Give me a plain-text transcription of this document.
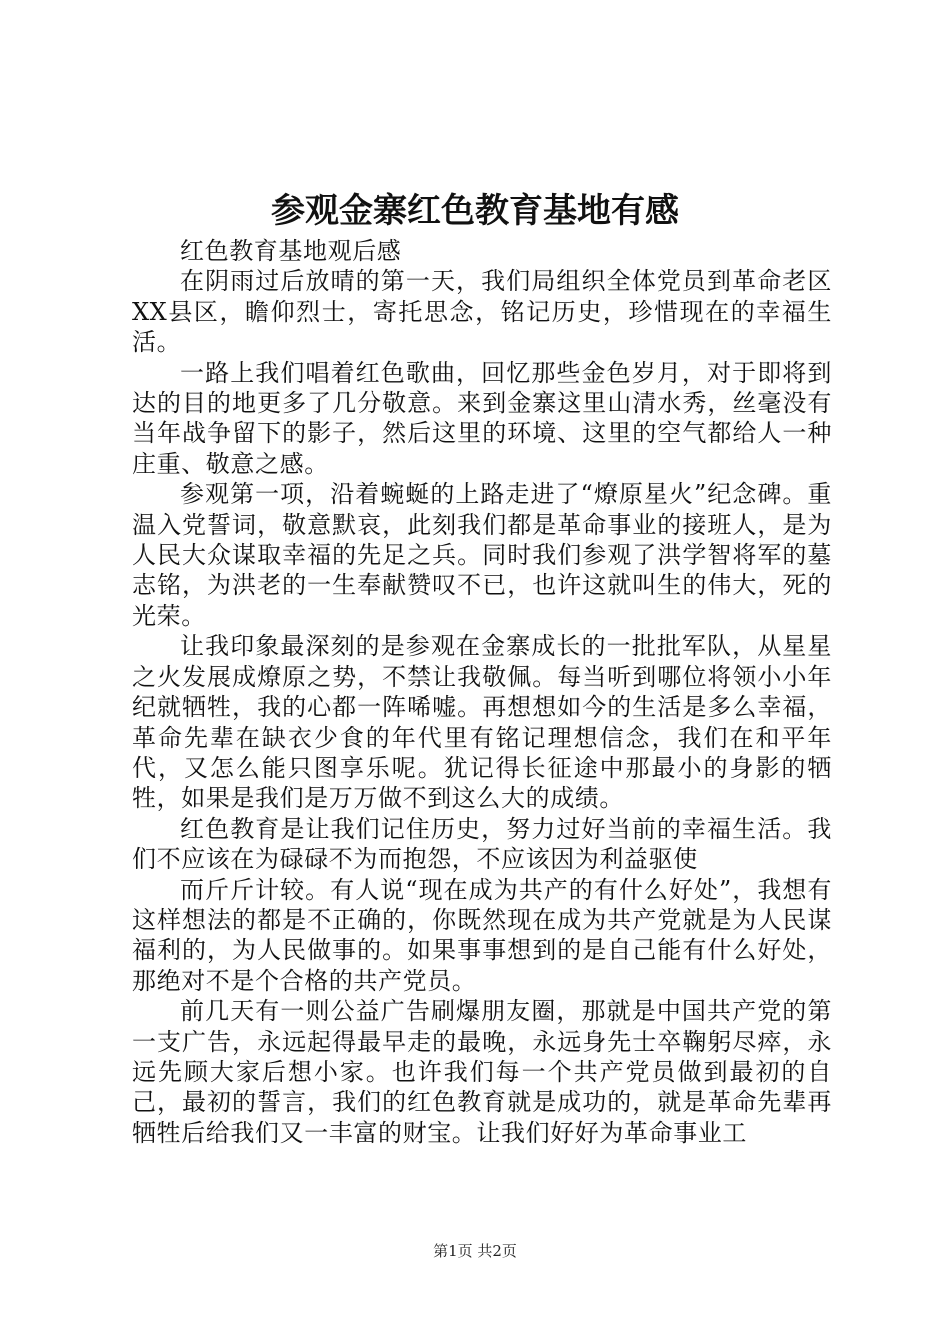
参观金寨红色教育基地有感

红色教育基地观后感

在阴雨过后放晴的第一天，我们局组织全体党员到革命老区XX县区，瞻仰烈士，寄托思念，铭记历史，珍惜现在的幸福生活。

一路上我们唱着红色歌曲，回忆那些金色岁月，对于即将到达的目的地更多了几分敬意。来到金寨这里山清水秀，丝毫没有当年战争留下的影子，然后这里的环境、这里的空气都给人一种庄重、敬意之感。

参观第一项，沿着蜿蜒的上路走进了“燎原星火”纪念碑。重温入党誓词，敬意默哀，此刻我们都是革命事业的接班人，是为人民大众谋取幸福的先足之兵。同时我们参观了洪学智将军的墓志铭，为洪老的一生奉献赞叹不已，也许这就叫生的伟大，死的光荣。

让我印象最深刻的是参观在金寨成长的一批批军队，从星星之火发展成燎原之势，不禁让我敬佩。每当听到哪位将领小小年纪就牺牲，我的心都一阵唏嘘。再想想如今的生活是多么幸福，革命先辈在缺衣少食的年代里有铭记理想信念，我们在和平年代，又怎么能只图享乐呢。犹记得长征途中那最小的身影的牺牲，如果是我们是万万做不到这么大的成绩。

红色教育是让我们记住历史，努力过好当前的幸福生活。我们不应该在为碌碌不为而抱怨，不应该因为利益驱使

而斤斤计较。有人说“现在成为共产的有什么好处”，我想有这样想法的都是不正确的，你既然现在成为共产党就是为人民谋福利的，为人民做事的。如果事事想到的是自己能有什么好处，那绝对不是个合格的共产党员。

前几天有一则公益广告刷爆朋友圈，那就是中国共产党的第一支广告，永远起得最早走的最晚，永远身先士卒鞠躬尽瘁，永远先顾大家后想小家。也许我们每一个共产党员做到最初的自己，最初的誓言，我们的红色教育就是成功的，就是革命先辈再牺牲后给我们又一丰富的财宝。让我们好好为革命事业工

第1页 共2页
